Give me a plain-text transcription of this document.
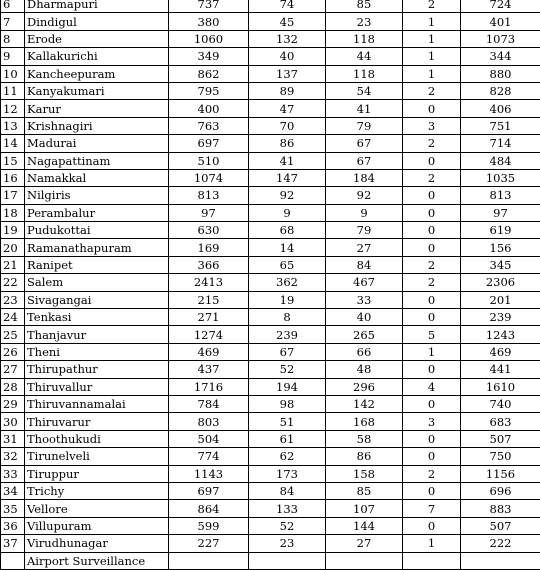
6	Dharmapuri	737	74	85	2	724
7	Dindigul	380	45	23	1	401
8	Erode	1060	132	118	1	1073
9	Kallakurichi	349	40	44	1	344
10	Kancheepuram	862	137	118	1	880
11	Kanyakumari	795	89	54	2	828
12	Karur	400	47	41	0	406
13	Krishnagiri	763	70	79	3	751
14	Madurai	697	86	67	2	714
15	Nagapattinam	510	41	67	0	484
16	Namakkal	1074	147	184	2	1035
17	Nilgiris	813	92	92	0	813
18	Perambalur	97	9	9	0	97
19	Pudukottai	630	68	79	0	619
20	Ramanathapuram	169	14	27	0	156
21	Ranipet	366	65	84	2	345
22	Salem	2413	362	467	2	2306
23	Sivagangai	215	19	33	0	201
24	Tenkasi	271	8	40	0	239
25	Thanjavur	1274	239	265	5	1243
26	Theni	469	67	66	1	469
27	Thirupathur	437	52	48	0	441
28	Thiruvallur	1716	194	296	4	1610
29	Thiruvannamalai	784	98	142	0	740
30	Thiruvarur	803	51	168	3	683
31	Thoothukudi	504	61	58	0	507
32	Tirunelveli	774	62	86	0	750
33	Tiruppur	1143	173	158	2	1156
34	Trichy	697	84	85	0	696
35	Vellore	864	133	107	7	883
36	Villupuram	599	52	144	0	507
37	Virudhunagar	227	23	27	1	222
	Airport Surveillance					
